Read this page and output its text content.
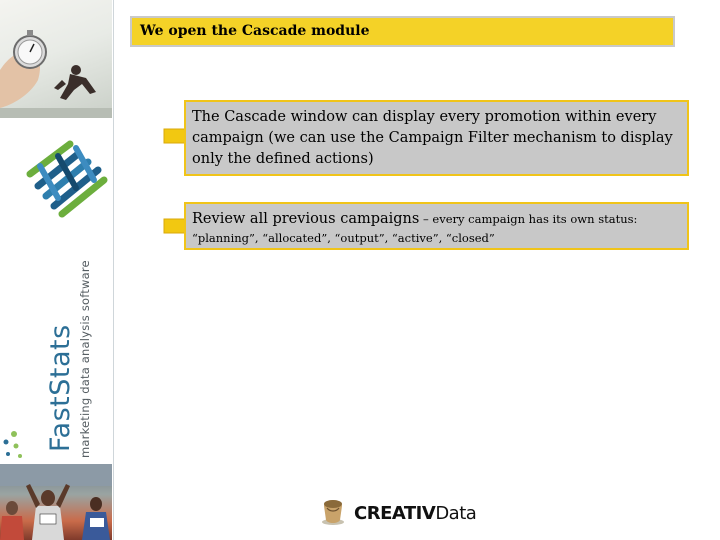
FastStats marketing data analysis software
We open the Cascade module
The Cascade window can display every promotion within every campaign (we can use the Campaign Filter mechanism to display only the defined actions)
Review all previous campaigns – every campaign has its own status: “planning”, “allocated”, “output”, “active”, “closed”
CREATIVData
